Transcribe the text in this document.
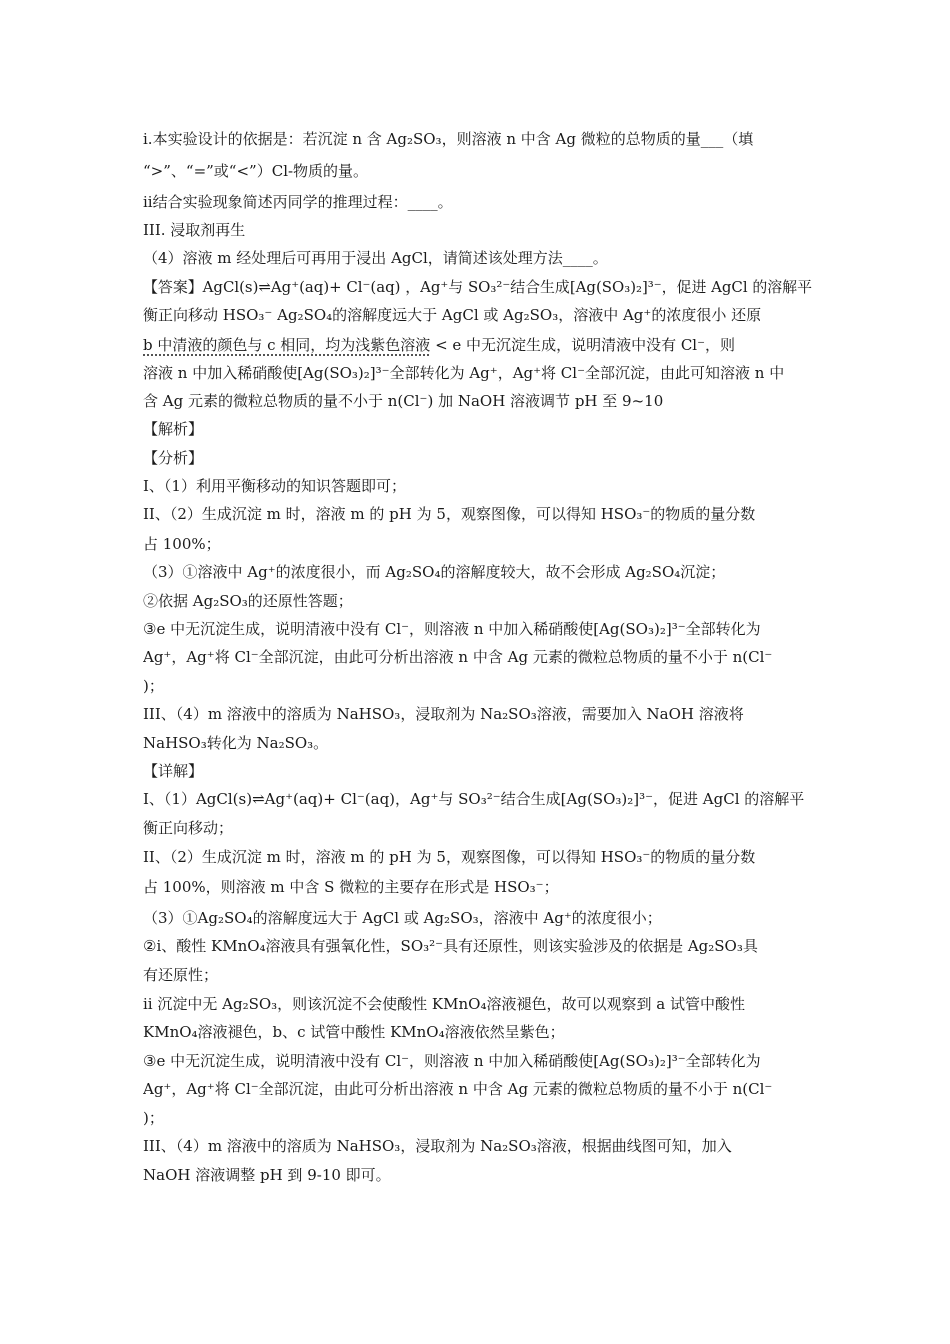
i.本实验设计的依据是：若沉淀 n 含 Ag₂SO₃，则溶液 n 中含 Ag 微粒的总物质的量___（填
“>”、“=”或“<”）Cl-物质的量。
ii结合实验现象简述丙同学的推理过程：____。
III. 浸取剂再生
（4）溶液 m 经处理后可再用于浸出 AgCl，请简述该处理方法____。
【答案】AgCl(s)⇌Ag⁺(aq)+ Cl⁻(aq) ，Ag⁺与 SO₃²⁻结合生成[Ag(SO₃)₂]³⁻，促进 AgCl 的溶解平
衡正向移动 HSO₃⁻ Ag₂SO₄的溶解度远大于 AgCl 或 Ag₂SO₃，溶液中 Ag⁺的浓度很小 还原
b 中清液的颜色与 c 相同，均为浅紫色溶液 < e 中无沉淀生成，说明清液中没有 Cl⁻，则
溶液 n 中加入稀硝酸使[Ag(SO₃)₂]³⁻全部转化为 Ag⁺，Ag⁺将 Cl⁻全部沉淀，由此可知溶液 n 中
含 Ag 元素的微粒总物质的量不小于 n(Cl⁻) 加 NaOH 溶液调节 pH 至 9~10
【解析】
【分析】
I、（1）利用平衡移动的知识答题即可；
II、（2）生成沉淀 m 时，溶液 m 的 pH 为 5，观察图像，可以得知 HSO₃⁻的物质的量分数
占 100%；
（3）①溶液中 Ag⁺的浓度很小，而 Ag₂SO₄的溶解度较大，故不会形成 Ag₂SO₄沉淀；
②依据 Ag₂SO₃的还原性答题；
③e 中无沉淀生成，说明清液中没有 Cl⁻，则溶液 n 中加入稀硝酸使[Ag(SO₃)₂]³⁻全部转化为
Ag⁺，Ag⁺将 Cl⁻全部沉淀，由此可分析出溶液 n 中含 Ag 元素的微粒总物质的量不小于 n(Cl⁻
)；
III、（4）m 溶液中的溶质为 NaHSO₃，浸取剂为 Na₂SO₃溶液，需要加入 NaOH 溶液将
NaHSO₃转化为 Na₂SO₃。
【详解】
I、（1）AgCl(s)⇌Ag⁺(aq)+ Cl⁻(aq)，Ag⁺与 SO₃²⁻结合生成[Ag(SO₃)₂]³⁻，促进 AgCl 的溶解平
衡正向移动；
II、（2）生成沉淀 m 时，溶液 m 的 pH 为 5，观察图像，可以得知 HSO₃⁻的物质的量分数
占 100%，则溶液 m 中含 S 微粒的主要存在形式是 HSO₃⁻；
（3）①Ag₂SO₄的溶解度远大于 AgCl 或 Ag₂SO₃，溶液中 Ag⁺的浓度很小；
②i、酸性 KMnO₄溶液具有强氧化性，SO₃²⁻具有还原性，则该实验涉及的依据是 Ag₂SO₃具
有还原性；
ii 沉淀中无 Ag₂SO₃，则该沉淀不会使酸性 KMnO₄溶液褪色，故可以观察到 a 试管中酸性
KMnO₄溶液褪色，b、c 试管中酸性 KMnO₄溶液依然呈紫色；
③e 中无沉淀生成，说明清液中没有 Cl⁻，则溶液 n 中加入稀硝酸使[Ag(SO₃)₂]³⁻全部转化为
Ag⁺，Ag⁺将 Cl⁻全部沉淀，由此可分析出溶液 n 中含 Ag 元素的微粒总物质的量不小于 n(Cl⁻
)；
III、（4）m 溶液中的溶质为 NaHSO₃，浸取剂为 Na₂SO₃溶液，根据曲线图可知，加入
NaOH 溶液调整 pH 到 9-10 即可。
